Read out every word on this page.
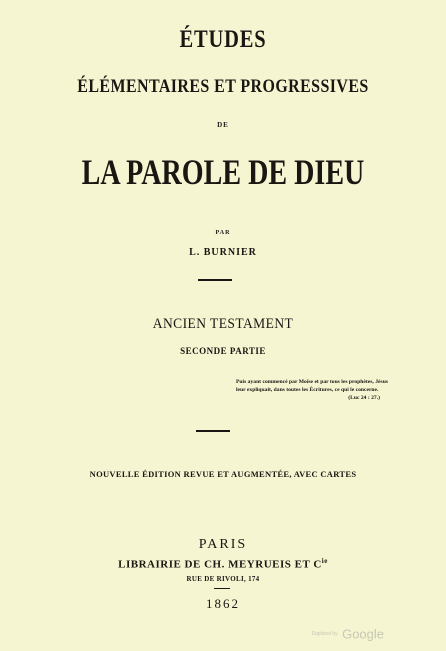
ÉTUDES
ÉLÉMENTAIRES ET PROGRESSIVES
DE
LA PAROLE DE DIEU
PAR
L. BURNIER
ANCIEN TESTAMENT
SECONDE PARTIE
Puis ayant commencé par Moïse et par tous les prophètes, Jésus leur expliquait, dans toutes les Écritures, ce qui le concerne.
(Luc 24 : 27.)
NOUVELLE ÉDITION REVUE ET AUGMENTÉE, AVEC CARTES
PARIS
LIBRAIRIE DE CH. MEYRUEIS ET $C^{ie}$
RUE DE RIVOLI, 174
1862
Digitized by Google
